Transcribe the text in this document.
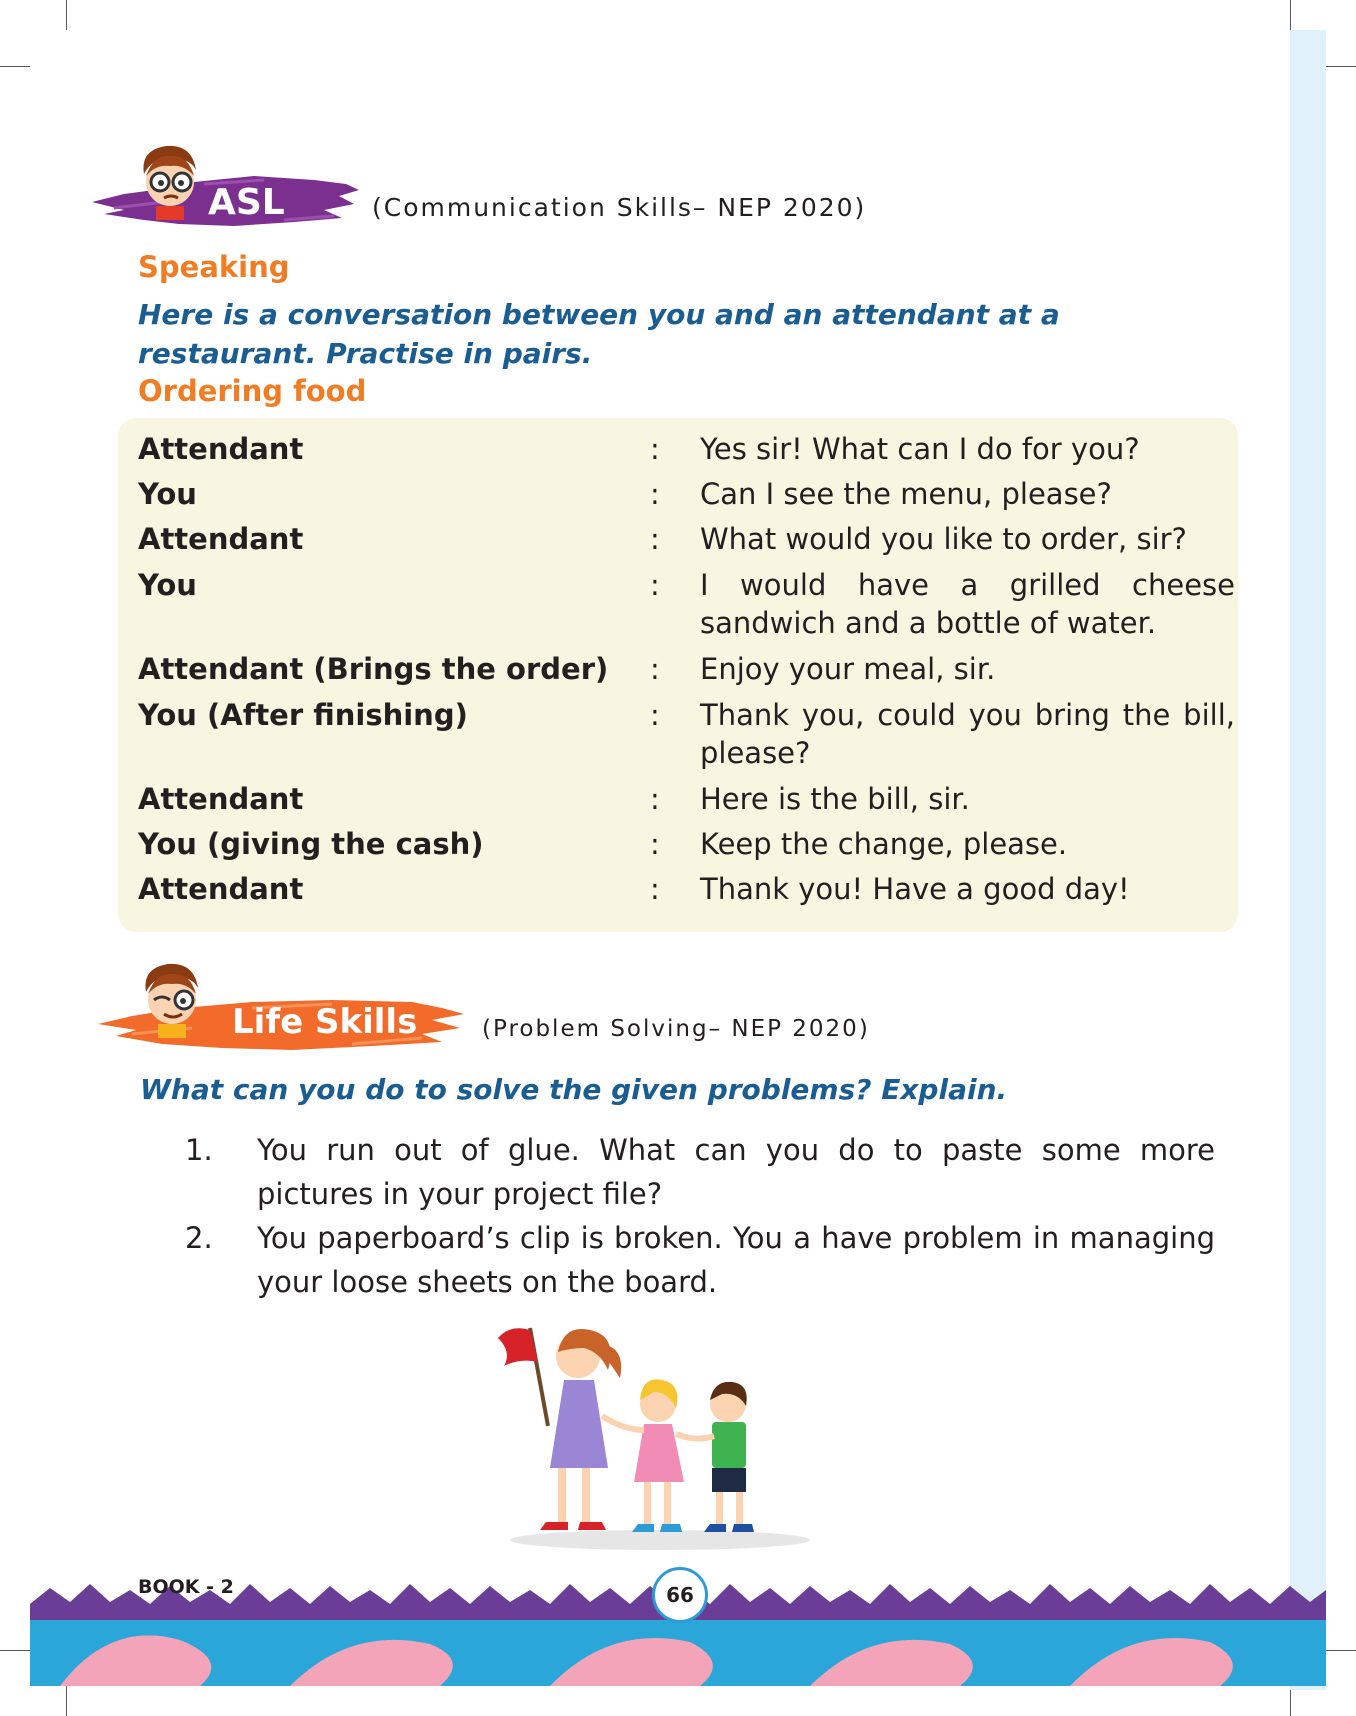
ASL	(Communication Skills– NEP 2020)
Speaking
Here is a conversation between you and an attendant at a restaurant. Practise in pairs.
Ordering food
Attendant	: Yes sir! What can I do for you?
You	: Can I see the menu, please?
Attendant	: What would you like to order, sir?
You	: I would have a grilled cheese sandwich and a bottle of water.
Attendant (Brings the order)	: Enjoy your meal, sir.
You (After finishing)	: Thank you, could you bring the bill, please?
Attendant	: Here is the bill, sir.
You (giving the cash)	: Keep the change, please.
Attendant	: Thank you! Have a good day!
Life Skills	(Problem Solving– NEP 2020)
What can you do to solve the given problems? Explain.
1. You run out of glue. What can you do to paste some more pictures in your project file?
2. You paperboard’s clip is broken. You a have problem in managing your loose sheets on the board.
BOOK - 2	66
